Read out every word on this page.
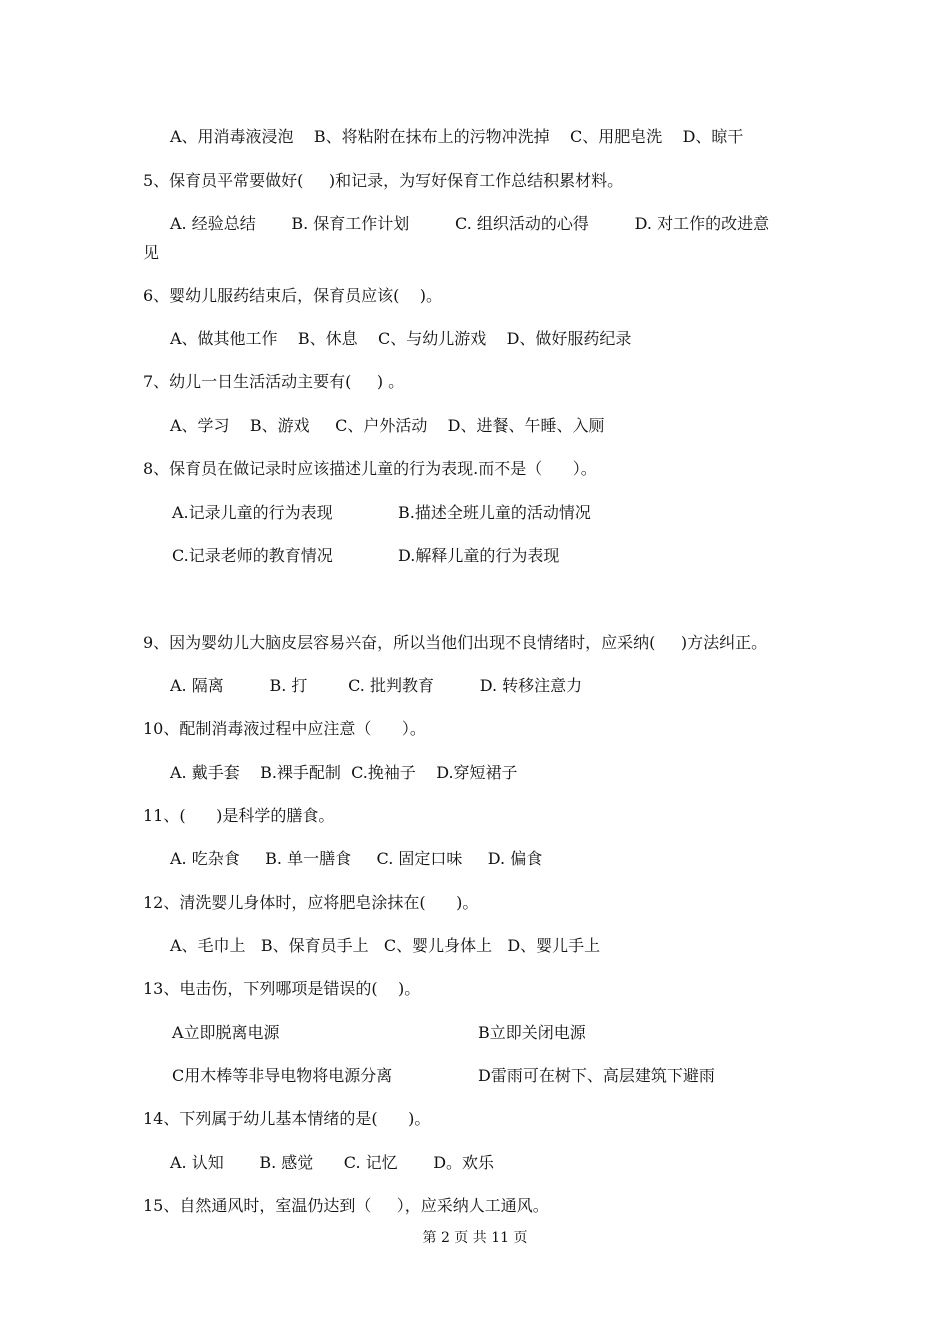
A、用消毒液浸泡    B、将粘附在抹布上的污物冲洗掉    C、用肥皂洗    D、晾干
5、保育员平常要做好(     )和记录，为写好保育工作总结积累材料。
A. 经验总结       B. 保育工作计划         C. 组织活动的心得         D. 对工作的改进意
见
6、婴幼儿服药结束后，保育员应该(    )。
A、做其他工作    B、休息    C、与幼儿游戏    D、做好服药纪录
7、幼儿一日生活活动主要有(     ) 。
A、学习    B、游戏     C、户外活动    D、进餐、午睡、入厕
8、保育员在做记录时应该描述儿童的行为表现.而不是（      ）。
A.记录儿童的行为表现	B.描述全班儿童的活动情况
C.记录老师的教育情况	D.解释儿童的行为表现
9、因为婴幼儿大脑皮层容易兴奋，所以当他们出现不良情绪时，应采纳(     )方法纠正。
A. 隔离         B. 打        C. 批判教育         D. 转移注意力
10、配制消毒液过程中应注意（      ）。
A. 戴手套    B.裸手配制  C.挽袖子    D.穿短裙子
11、(      )是科学的膳食。
A. 吃杂食     B. 单一膳食     C. 固定口味     D. 偏食
12、清洗婴儿身体时，应将肥皂涂抹在(      )。
A、毛巾上   B、保育员手上   C、婴儿身体上   D、婴儿手上
13、电击伤，下列哪项是错误的(    )。
A立即脱离电源	B立即关闭电源
C用木棒等非导电物将电源分离	D雷雨可在树下、高层建筑下避雨
14、下列属于幼儿基本情绪的是(      )。
A. 认知       B. 感觉      C. 记忆       D。欢乐
15、自然通风时，室温仍达到（     ），应采纳人工通风。
第 2 页 共 11 页
